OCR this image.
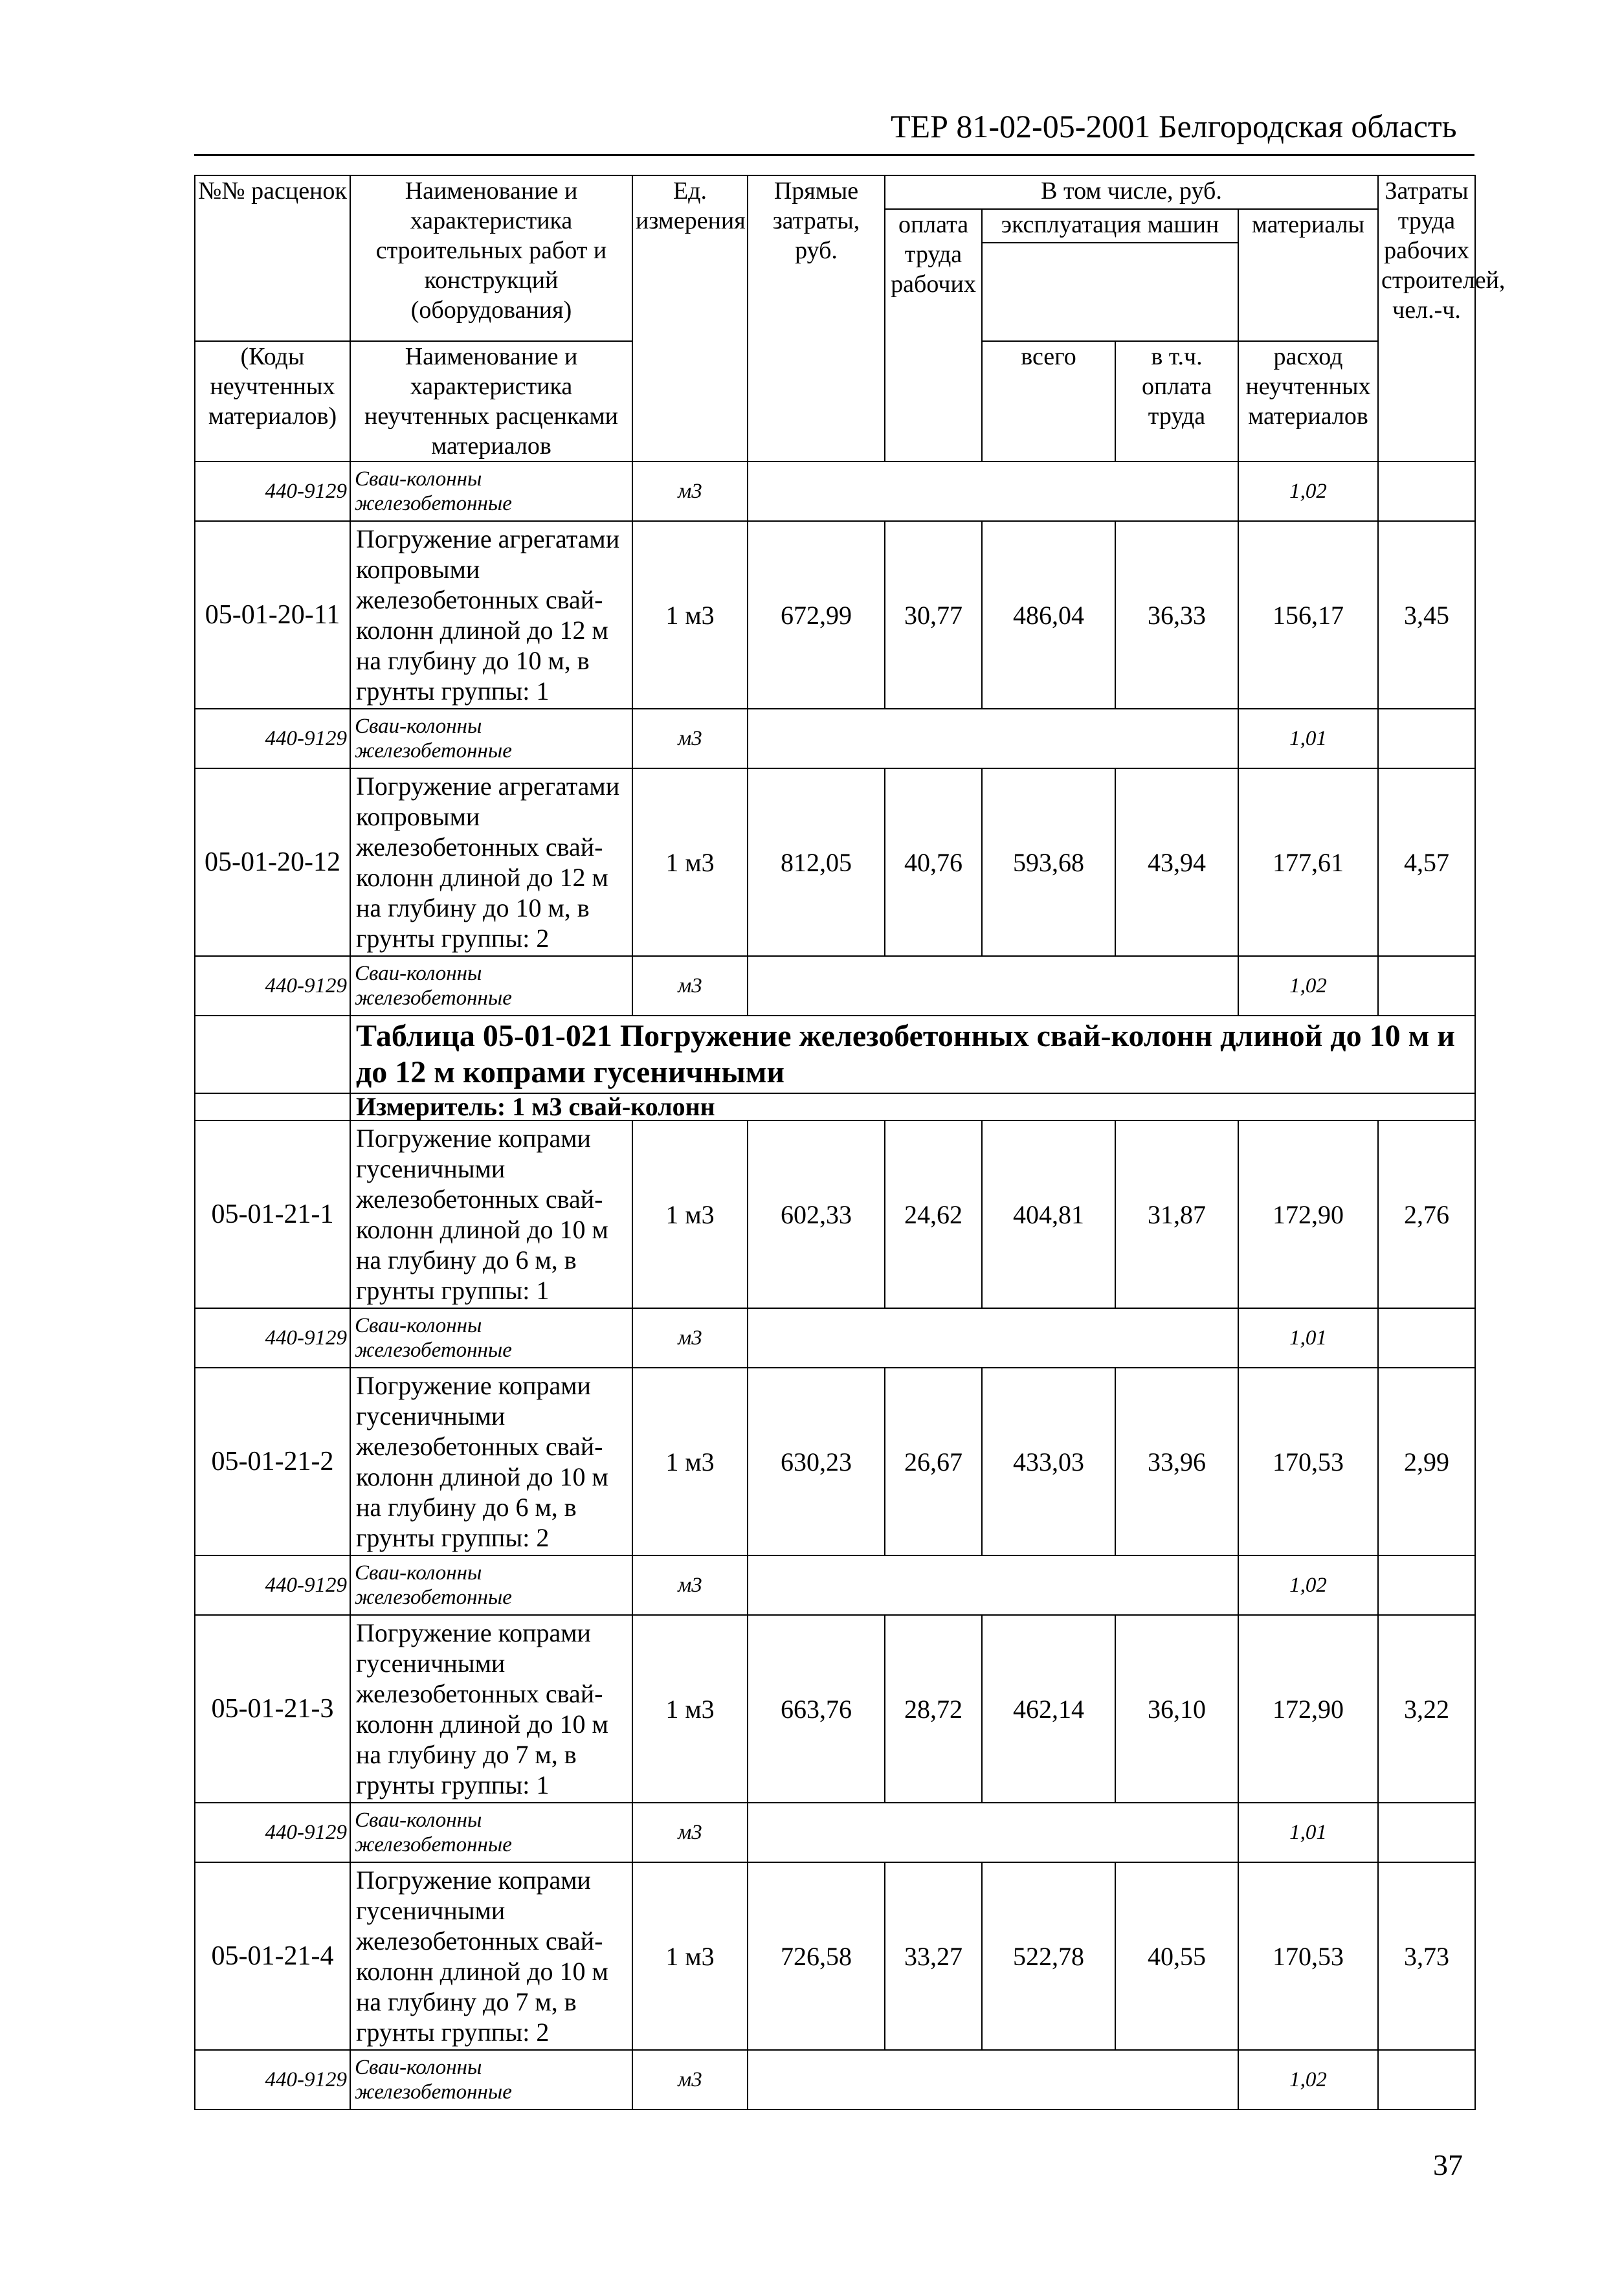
ТЕР 81-02-05-2001 Белгородская область
№№ расценок	Наименование и характеристика строительных работ и конструкций (оборудования)	Ед. измерения	Прямые затраты, руб.	В том числе, руб.				Затраты труда рабочих строителей, чел.-ч.
				оплата труда рабочих	эксплуатация машин		материалы	

(Коды неучтенных материалов)	Наименование и характеристика неучтенных расценками материалов				всего	в т.ч. оплата труда	расход неучтенных материалов	

440-9129	Сваи-колонны железобетонные	м3					1,02	
05-01-20-11	Погружение агрегатами копровыми железобетонных свай-колонн длиной до 12 м на глубину до 10 м, в грунты группы: 1	1 м3	672,99	30,77	486,04	36,33	156,17	3,45
440-9129	Сваи-колонны железобетонные	м3					1,01	
05-01-20-12	Погружение агрегатами копровыми железобетонных свай-колонн длиной до 12 м на глубину до 10 м, в грунты группы: 2	1 м3	812,05	40,76	593,68	43,94	177,61	4,57
440-9129	Сваи-колонны железобетонные	м3					1,02	
	Таблица 05-01-021 Погружение железобетонных свай-колонн длиной до 10 м и до 12 м копрами гусеничными							
	Измеритель: 1 м3 свай-колонн							
05-01-21-1	Погружение копрами гусеничными железобетонных свай-колонн длиной до 10 м на глубину до 6 м, в грунты группы: 1	1 м3	602,33	24,62	404,81	31,87	172,90	2,76
440-9129	Сваи-колонны железобетонные	м3					1,01	
05-01-21-2	Погружение копрами гусеничными железобетонных свай-колонн длиной до 10 м на глубину до 6 м, в грунты группы: 2	1 м3	630,23	26,67	433,03	33,96	170,53	2,99
440-9129	Сваи-колонны железобетонные	м3					1,02	
05-01-21-3	Погружение копрами гусеничными железобетонных свай-колонн длиной до 10 м на глубину до 7 м, в грунты группы: 1	1 м3	663,76	28,72	462,14	36,10	172,90	3,22
440-9129	Сваи-колонны железобетонные	м3					1,01	
05-01-21-4	Погружение копрами гусеничными железобетонных свай-колонн длиной до 10 м на глубину до 7 м, в грунты группы: 2	1 м3	726,58	33,27	522,78	40,55	170,53	3,73
440-9129	Сваи-колонны железобетонные	м3					1,02	
37
